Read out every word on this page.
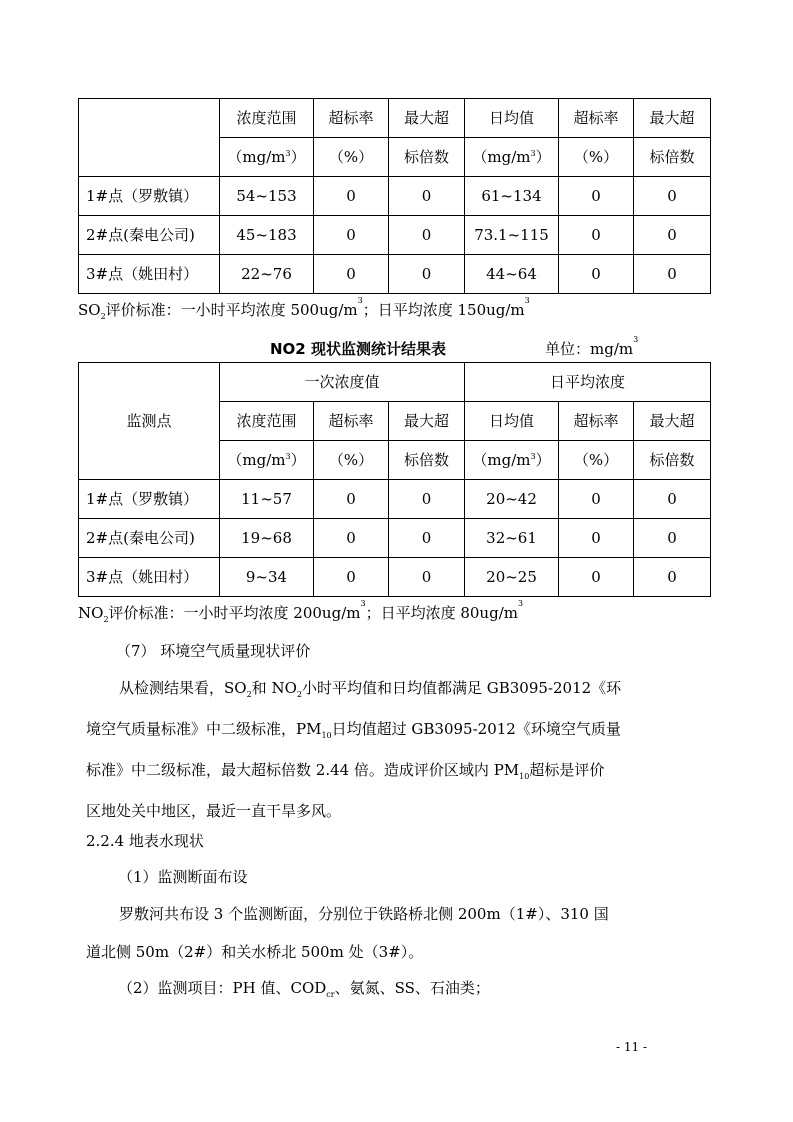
	浓度范围	超标率	最大超	日均值	超标率	最大超
	$(mg/m^3)$	（%）	标倍数	$(mg/m^3)$	（%）	标倍数
1#点（罗敷镇）	54~153	0	0	61~134	0	0
2#点(秦电公司)	45~183	0	0	73.1~115	0	0
3#点（姚田村）	22~76	0	0	44~64	0	0
$SO_2$评价标准：一小时平均浓度 $500ug/m^3$；日平均浓度 $150ug/m^3$
NO2 现状监测统计结果表	单位：$mg/m^3$
监测点	一次浓度值			日平均浓度		
	浓度范围	超标率	最大超	日均值	超标率	最大超
	$(mg/m^3)$	（%）	标倍数	$(mg/m^3)$	（%）	标倍数
1#点（罗敷镇）	11~57	0	0	20~42	0	0
2#点(秦电公司)	19~68	0	0	32~61	0	0
3#点（姚田村）	9~34	0	0	20~25	0	0
$NO_2$评价标准：一小时平均浓度 $200ug/m^3$；日平均浓度 $80ug/m^3$
（7） 环境空气质量现状评价
从检测结果看，$SO_2$和 $NO_2$小时平均值和日均值都满足 GB3095-2012《环
境空气质量标准》中二级标准，$PM_{10}$日均值超过 GB3095-2012《环境空气质量
标准》中二级标准，最大超标倍数 2.44 倍。造成评价区域内 $PM_{10}$超标是评价
区地处关中地区，最近一直干旱多风。
2.2.4 地表水现状
（1）监测断面布设
罗敷河共布设 3 个监测断面，分别位于铁路桥北侧 200m（1#）、310 国
道北侧 50m（2#）和关水桥北 500m 处（3#）。
（2）监测项目：PH 值、$COD_{cr}$、氨氮、SS、石油类；
- 11 -
